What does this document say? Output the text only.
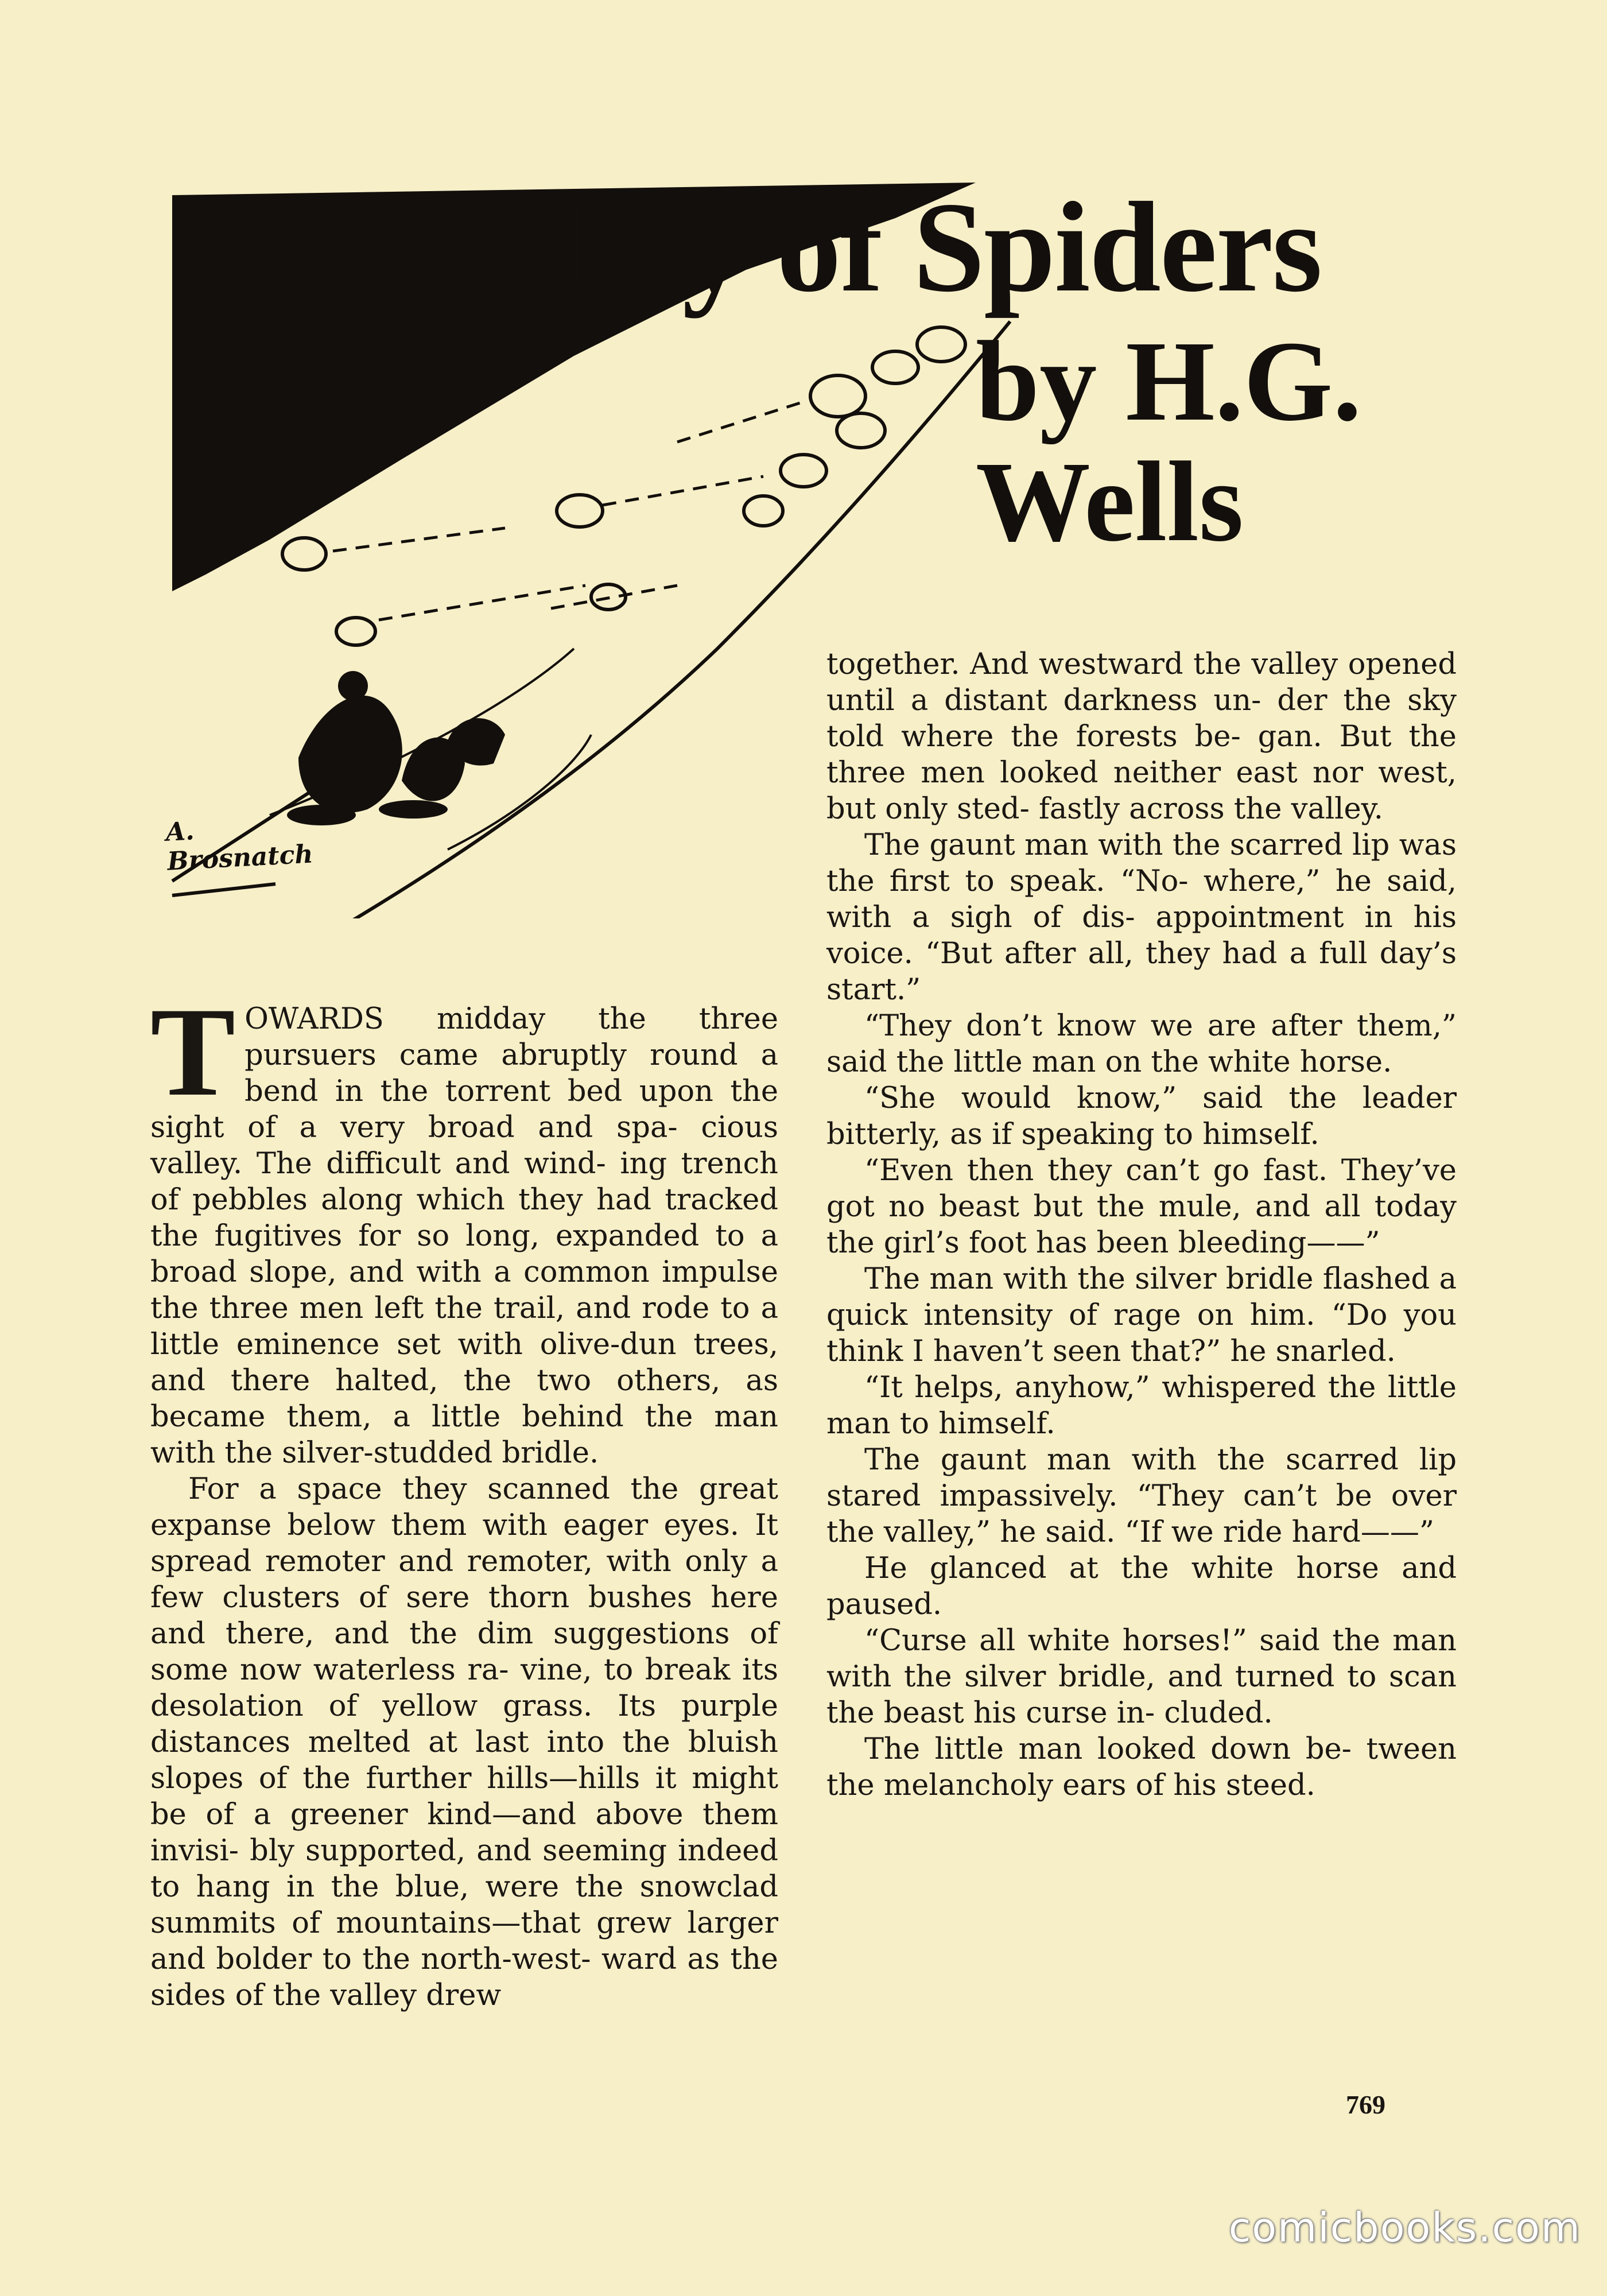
The Valley of Spiders
by H.G.
Wells
A. Brosnatch

TOWARDS midday the three pursuers came abruptly round a bend in the torrent bed upon the sight of a very broad and spa- cious valley. The difficult and wind- ing trench of pebbles along which they had tracked the fugitives for so long, expanded to a broad slope, and with a common impulse the three men left the trail, and rode to a little eminence set with olive-dun trees, and there halted, the two others, as became them, a little behind the man with the silver-studded bridle.

For a space they scanned the great expanse below them with eager eyes. It spread remoter and remoter, with only a few clusters of sere thorn bushes here and there, and the dim suggestions of some now waterless ra- vine, to break its desolation of yellow grass. Its purple distances melted at last into the bluish slopes of the further hills—hills it might be of a greener kind—and above them invisi- bly supported, and seeming indeed to hang in the blue, were the snowclad summits of mountains—that grew larger and bolder to the north-west- ward as the sides of the valley drew

together. And westward the valley opened until a distant darkness un- der the sky told where the forests be- gan. But the three men looked neither east nor west, but only sted- fastly across the valley.

The gaunt man with the scarred lip was the first to speak. “No- where,” he said, with a sigh of dis- appointment in his voice. “But after all, they had a full day’s start.”

“They don’t know we are after them,” said the little man on the white horse.

“She would know,” said the leader bitterly, as if speaking to himself.

“Even then they can’t go fast. They’ve got no beast but the mule, and all today the girl’s foot has been bleeding——”

The man with the silver bridle flashed a quick intensity of rage on him. “Do you think I haven’t seen that?” he snarled.

“It helps, anyhow,” whispered the little man to himself.

The gaunt man with the scarred lip stared impassively. “They can’t be over the valley,” he said. “If we ride hard——”

He glanced at the white horse and paused.

“Curse all white horses!” said the man with the silver bridle, and turned to scan the beast his curse in- cluded.

The little man looked down be- tween the melancholy ears of his steed.

769
comicbooks.com
